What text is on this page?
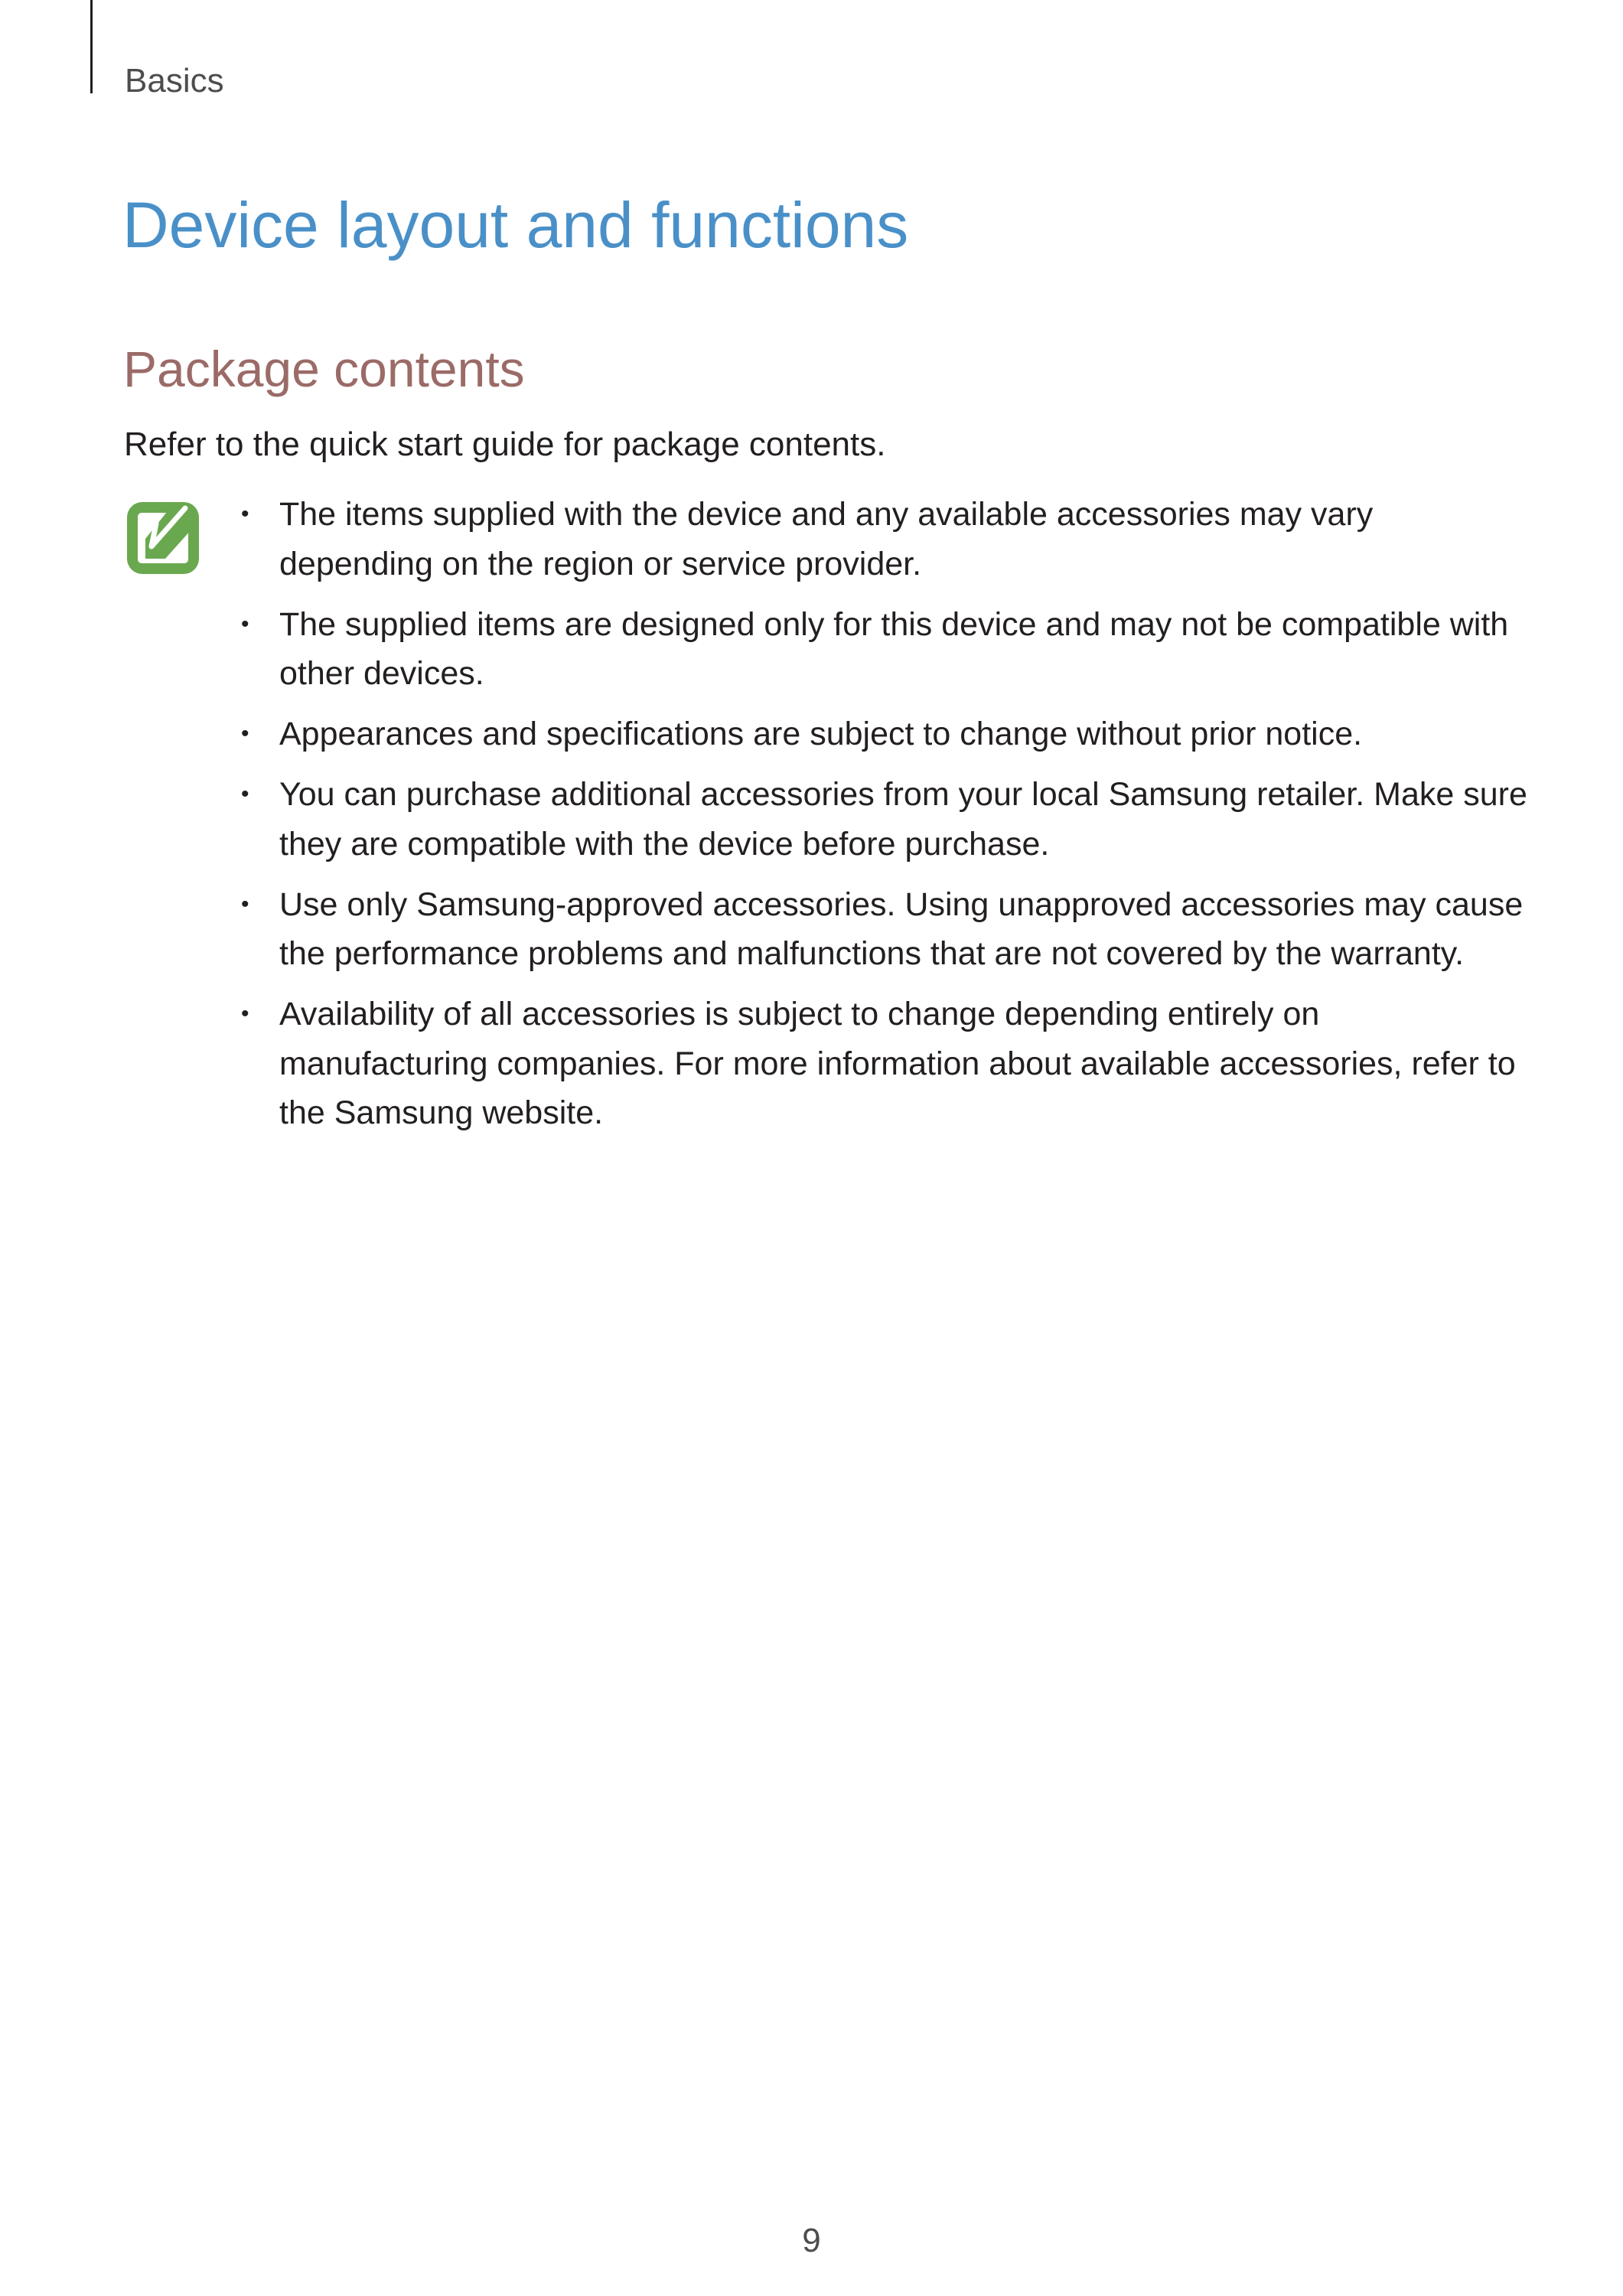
Basics
Device layout and functions
Package contents

Refer to the quick start guide for package contents.

• The items supplied with the device and any available accessories may vary depending on the region or service provider.
• The supplied items are designed only for this device and may not be compatible with other devices.
• Appearances and specifications are subject to change without prior notice.
• You can purchase additional accessories from your local Samsung retailer. Make sure they are compatible with the device before purchase.
• Use only Samsung-approved accessories. Using unapproved accessories may cause the performance problems and malfunctions that are not covered by the warranty.
• Availability of all accessories is subject to change depending entirely on manufacturing companies. For more information about available accessories, refer to the Samsung website.
9
